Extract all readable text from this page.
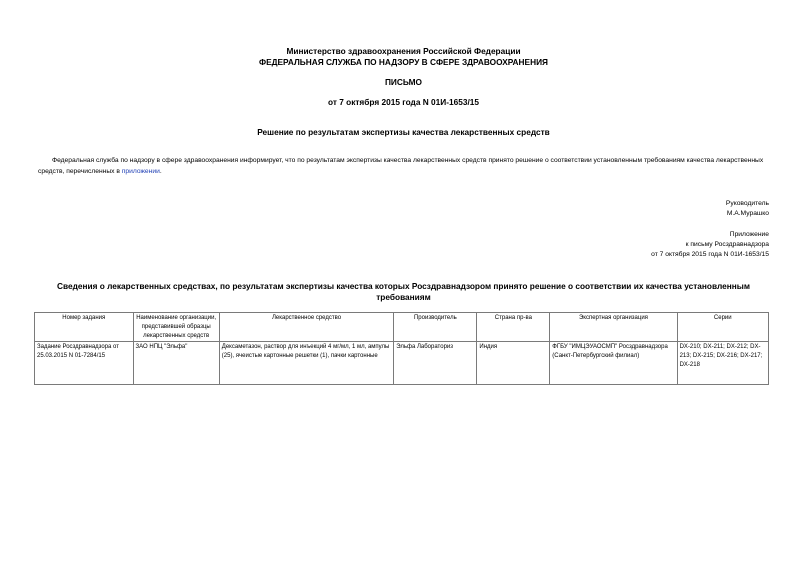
Министерство здравоохранения Российской Федерации
ФЕДЕРАЛЬНАЯ СЛУЖБА ПО НАДЗОРУ В СФЕРЕ ЗДРАВООХРАНЕНИЯ
ПИСЬМО
от 7 октября 2015 года N 01И-1653/15
Решение по результатам экспертизы качества лекарственных средств
Федеральная служба по надзору в сфере здравоохранения информирует, что по результатам экспертизы качества лекарственных средств принято решение о соответствии установленным требованиям качества лекарственных средств, перечисленных в приложении.
Руководитель
М.А.Мурашко
Приложение
к письму Росздравнадзора
от 7 октября 2015 года N 01И-1653/15
Сведения о лекарственных средствах, по результатам экспертизы качества которых Росздравнадзором принято решение о соответствии их качества установленным требованиям
Номер задания	Наименование организации, представившей образцы лекарственных средств	Лекарственное средство	Производитель	Страна пр-ва	Экспертная организация	Серии
Задание Росздравнадзора от 25.03.2015 N 01-7284/15	ЗАО НПЦ "Эльфа"	Дексаметазон, раствор для инъекций 4 мг/мл, 1 мл, ампулы (25), ячеистые картонные решетки (1), пачки картонные	Эльфа Лабораториз	Индия	ФГБУ "ИМЦЭУАОСМП" Росздравнадзора (Санкт-Петербургский филиал)	DX-210; DX-211; DX-212; DX-213; DX-215; DX-216; DX-217; DX-218
